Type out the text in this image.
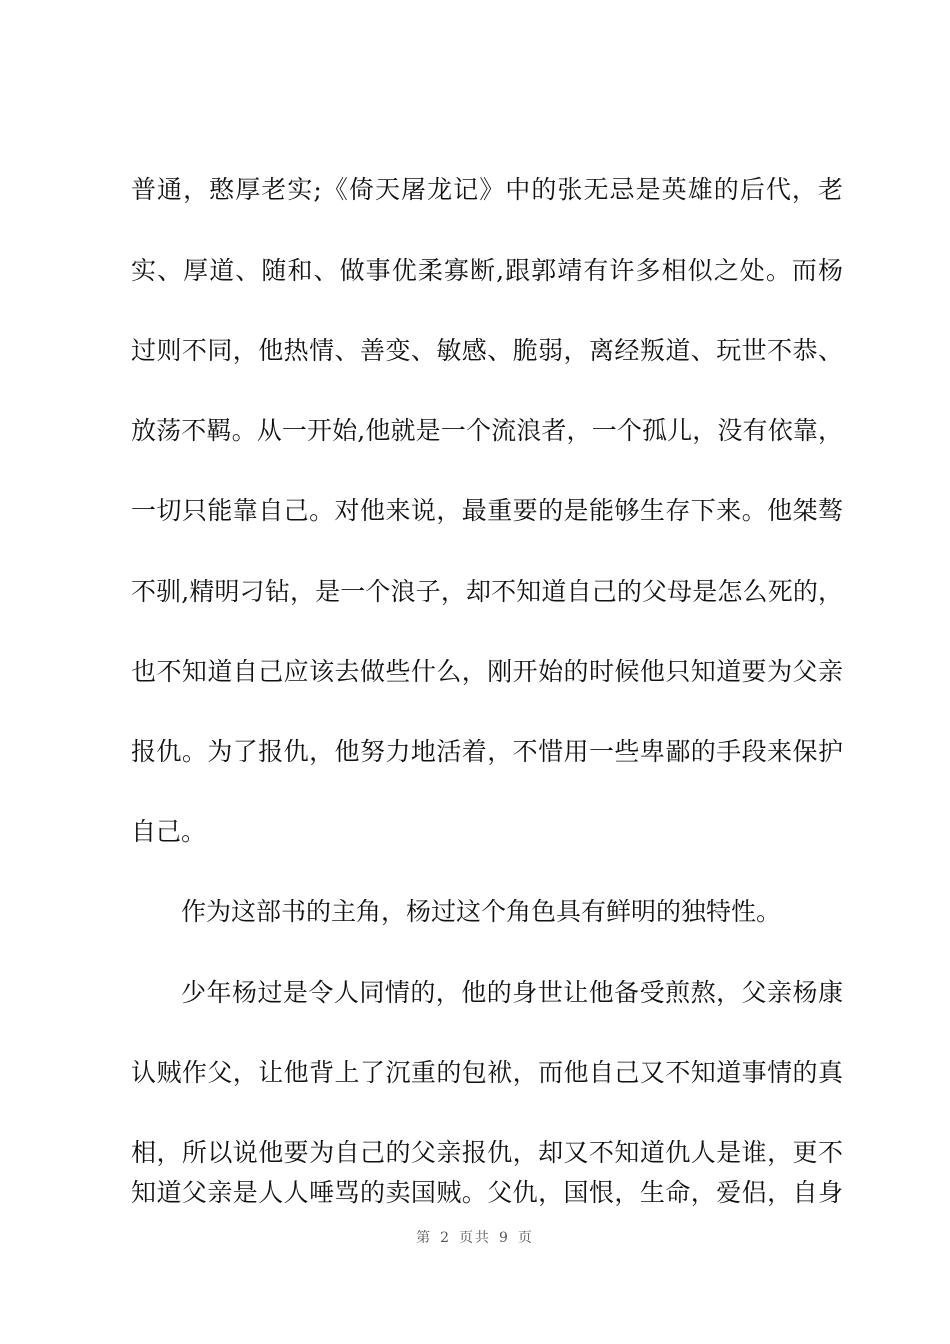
普通，憨厚老实;《倚天屠龙记》中的张无忌是英雄的后代，老
实、厚道、随和、做事优柔寡断,跟郭靖有许多相似之处。而杨
过则不同，他热情、善变、敏感、脆弱，离经叛道、玩世不恭、
放荡不羁。从一开始,他就是一个流浪者，一个孤儿，没有依靠，
一切只能靠自己。对他来说，最重要的是能够生存下来。他桀骜
不驯,精明刁钻，是一个浪子，却不知道自己的父母是怎么死的，
也不知道自己应该去做些什么，刚开始的时候他只知道要为父亲
报仇。为了报仇，他努力地活着，不惜用一些卑鄙的手段来保护
自己。
作为这部书的主角，杨过这个角色具有鲜明的独特性。
少年杨过是令人同情的，他的身世让他备受煎熬，父亲杨康
认贼作父，让他背上了沉重的包袱，而他自己又不知道事情的真
相，所以说他要为自己的父亲报仇，却又不知道仇人是谁，更不
知道父亲是人人唾骂的卖国贼。父仇，国恨，生命，爱侣，自身
第 2 页共 9 页
